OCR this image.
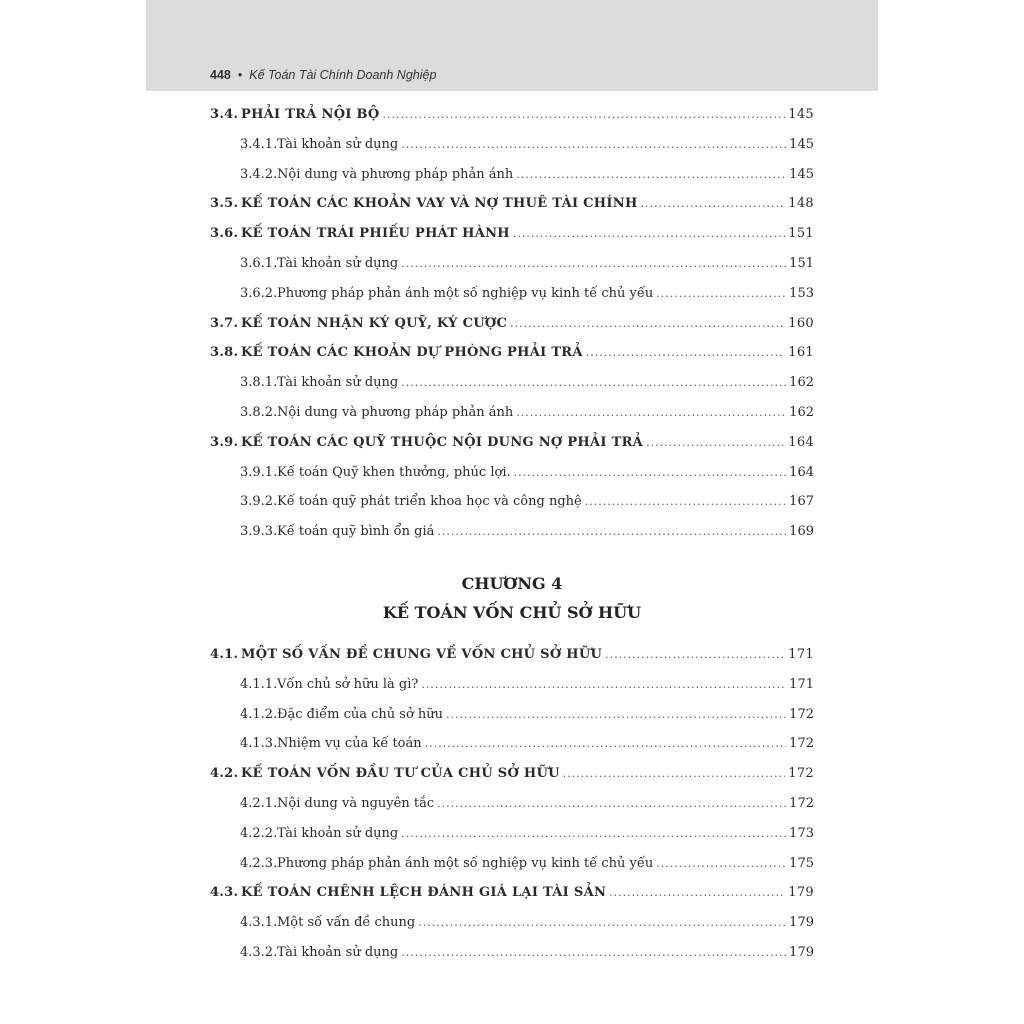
448 • Kế Toán Tài Chính Doanh Nghiệp
3.4. PHẢI TRẢ NỘI BỘ .....	145
3.4.1. Tài khoản sử dụng .....	145
3.4.2. Nội dung và phương pháp phản ánh .....	145
3.5. KẾ TOÁN CÁC KHOẢN VAY VÀ NỢ THUÊ TÀI CHÍNH .....	148
3.6. KẾ TOÁN TRÁI PHIẾU PHÁT HÀNH .....	151
3.6.1. Tài khoản sử dụng .....	151
3.6.2. Phương pháp phản ánh một số nghiệp vụ kinh tế chủ yếu .....	153
3.7. KẾ TOÁN NHẬN KÝ QUỸ, KÝ CƯỢC .....	160
3.8. KẾ TOÁN CÁC KHOẢN DỰ PHÒNG PHẢI TRẢ .....	161
3.8.1. Tài khoản sử dụng .....	162
3.8.2. Nội dung và phương pháp phản ánh .....	162
3.9. KẾ TOÁN CÁC QUỸ THUỘC NỘI DUNG NỢ PHẢI TRẢ .....	164
3.9.1. Kế toán Quỹ khen thưởng, phúc lợi. .....	164
3.9.2. Kế toán quỹ phát triển khoa học và công nghệ .....	167
3.9.3. Kế toán quỹ bình ổn giá .....	169
4.1. MỘT SỐ VẤN ĐỀ CHUNG VỀ VỐN CHỦ SỞ HỮU .....	171
4.1.1. Vốn chủ sở hữu là gì? .....	171
4.1.2. Đặc điểm của chủ sở hữu .....	172
4.1.3. Nhiệm vụ của kế toán .....	172
4.2. KẾ TOÁN VỐN ĐẦU TƯ CỦA CHỦ SỞ HỮU .....	172
4.2.1. Nội dung và nguyên tắc .....	172
4.2.2. Tài khoản sử dụng .....	173
4.2.3. Phương pháp phản ánh một số nghiệp vụ kinh tế chủ yếu .....	175
4.3. KẾ TOÁN CHÊNH LỆCH ĐÁNH GIÁ LẠI TÀI SẢN .....	179
4.3.1. Một số vấn đề chung .....	179
4.3.2. Tài khoản sử dụng .....	179
CHƯƠNG 4
KẾ TOÁN VỐN CHỦ SỞ HỮU
